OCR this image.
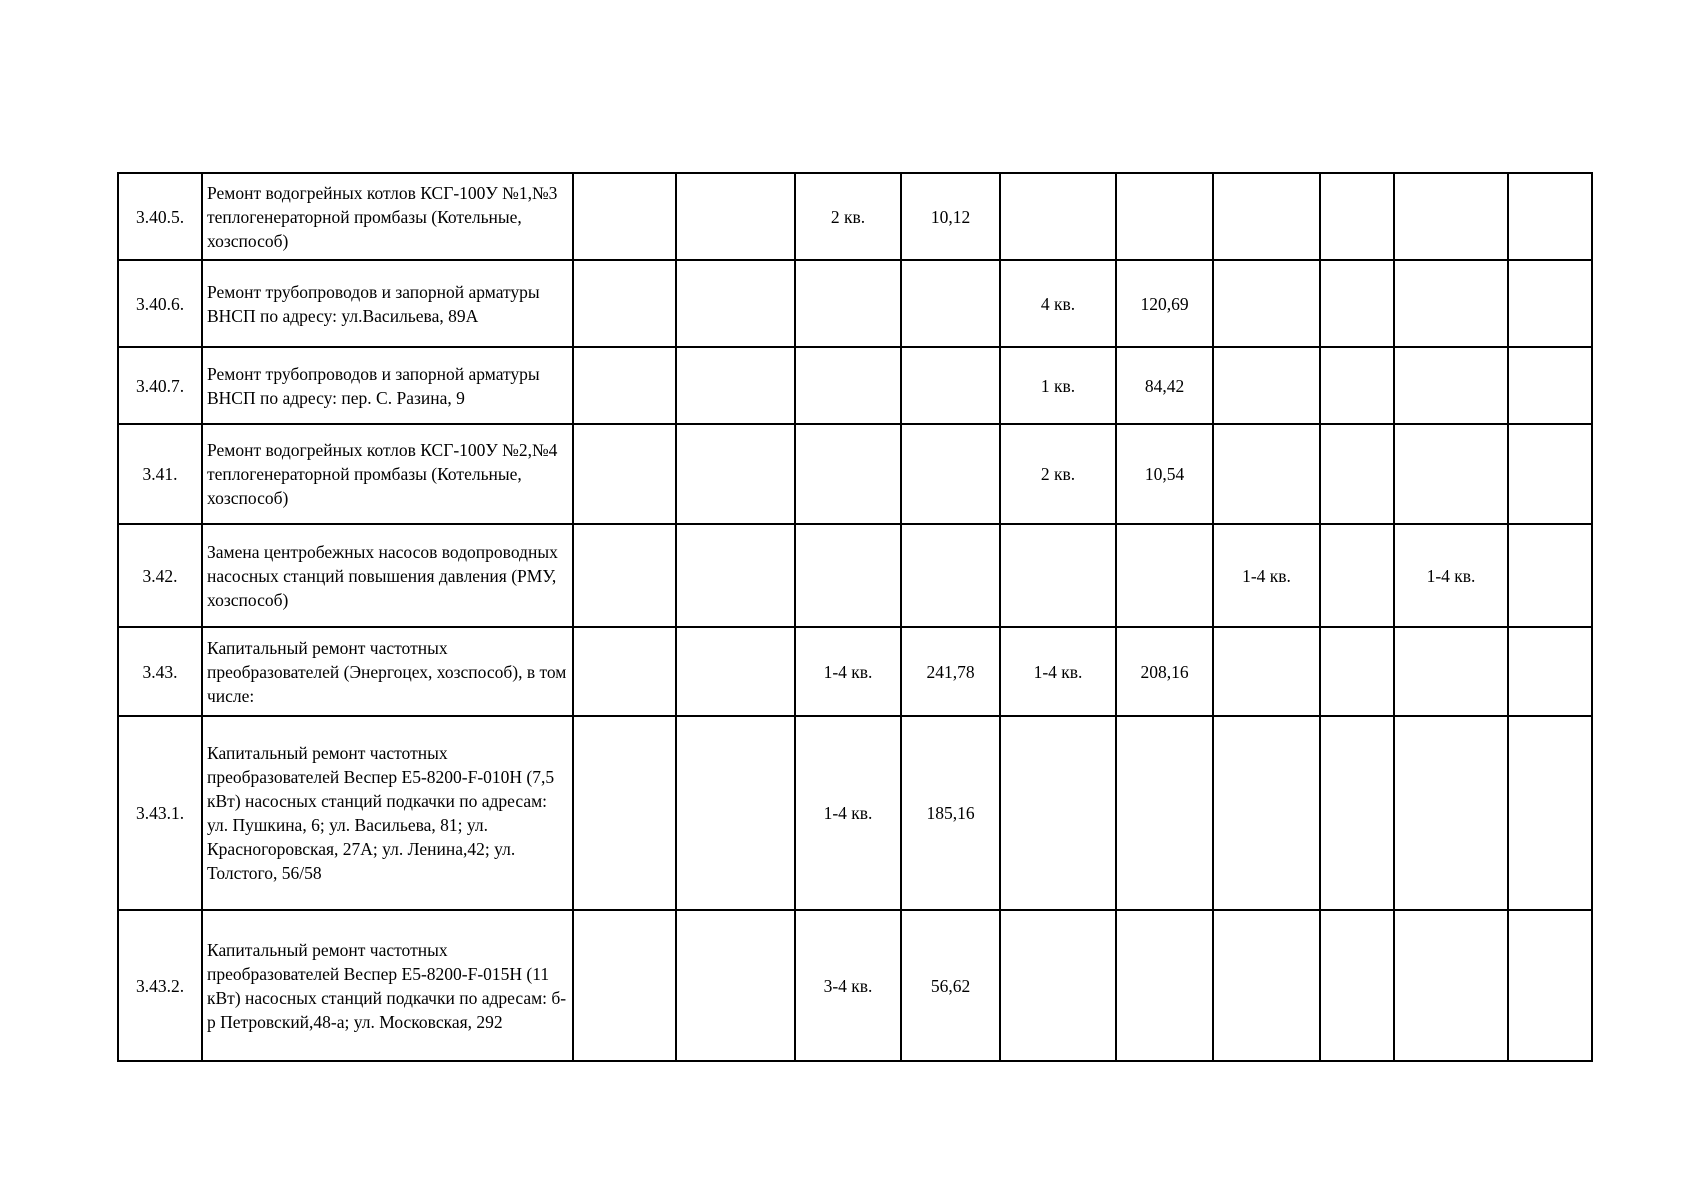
3.40.5.	Ремонт водогрейных котлов КСГ-100У №1,№3 теплогенераторной промбазы (Котельные, хозспособ)			2 кв.	10,12						
3.40.6.	Ремонт трубопроводов и запорной арматуры ВНСП по адресу: ул.Васильева, 89А					4 кв.	120,69				
3.40.7.	Ремонт трубопроводов и запорной арматуры ВНСП по адресу: пер. С. Разина, 9					1 кв.	84,42				
3.41.	Ремонт водогрейных котлов КСГ-100У №2,№4 теплогенераторной промбазы (Котельные, хозспособ)					2 кв.	10,54				
3.42.	Замена центробежных насосов водопроводных насосных станций повышения давления (РМУ, хозспособ)							1-4 кв.		1-4 кв.	
3.43.	Капитальный ремонт частотных преобразователей (Энергоцех, хозспособ), в том числе:			1-4 кв.	241,78	1-4 кв.	208,16				
3.43.1.	Капитальный ремонт частотных преобразователей Веспер Е5-8200-F-010Н (7,5 кВт) насосных станций подкачки по адресам: ул. Пушкина, 6; ул. Васильева, 81; ул. Красногоровская, 27А; ул. Ленина,42; ул. Толстого, 56/58			1-4 кв.	185,16						
3.43.2.	Капитальный ремонт частотных преобразователей Веспер Е5-8200-F-015Н (11 кВт) насосных станций подкачки по адресам: б-р Петровский,48-а; ул. Московская, 292			3-4 кв.	56,62						
